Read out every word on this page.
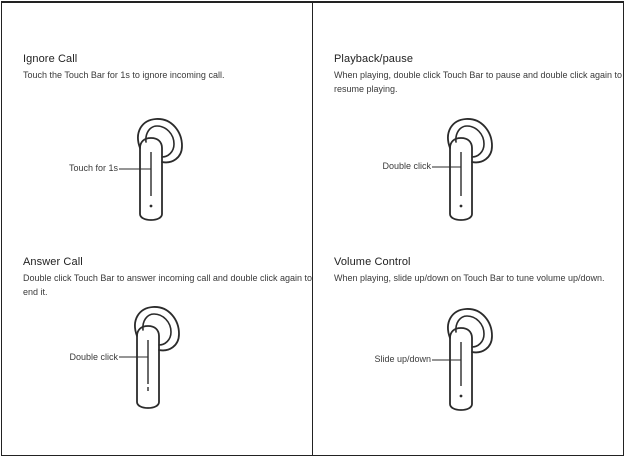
Ignore Call

Touch the Touch Bar for 1s to ignore incoming call.

Touch for 1s
Playback/pause

When playing, double click Touch Bar to pause and double click again to resume playing.

Double click
Answer Call

Double click Touch Bar to answer incoming call and double click again to end it.

Double click
Volume Control

When playing, slide up/down on Touch Bar to tune volume up/down.

Slide up/down
